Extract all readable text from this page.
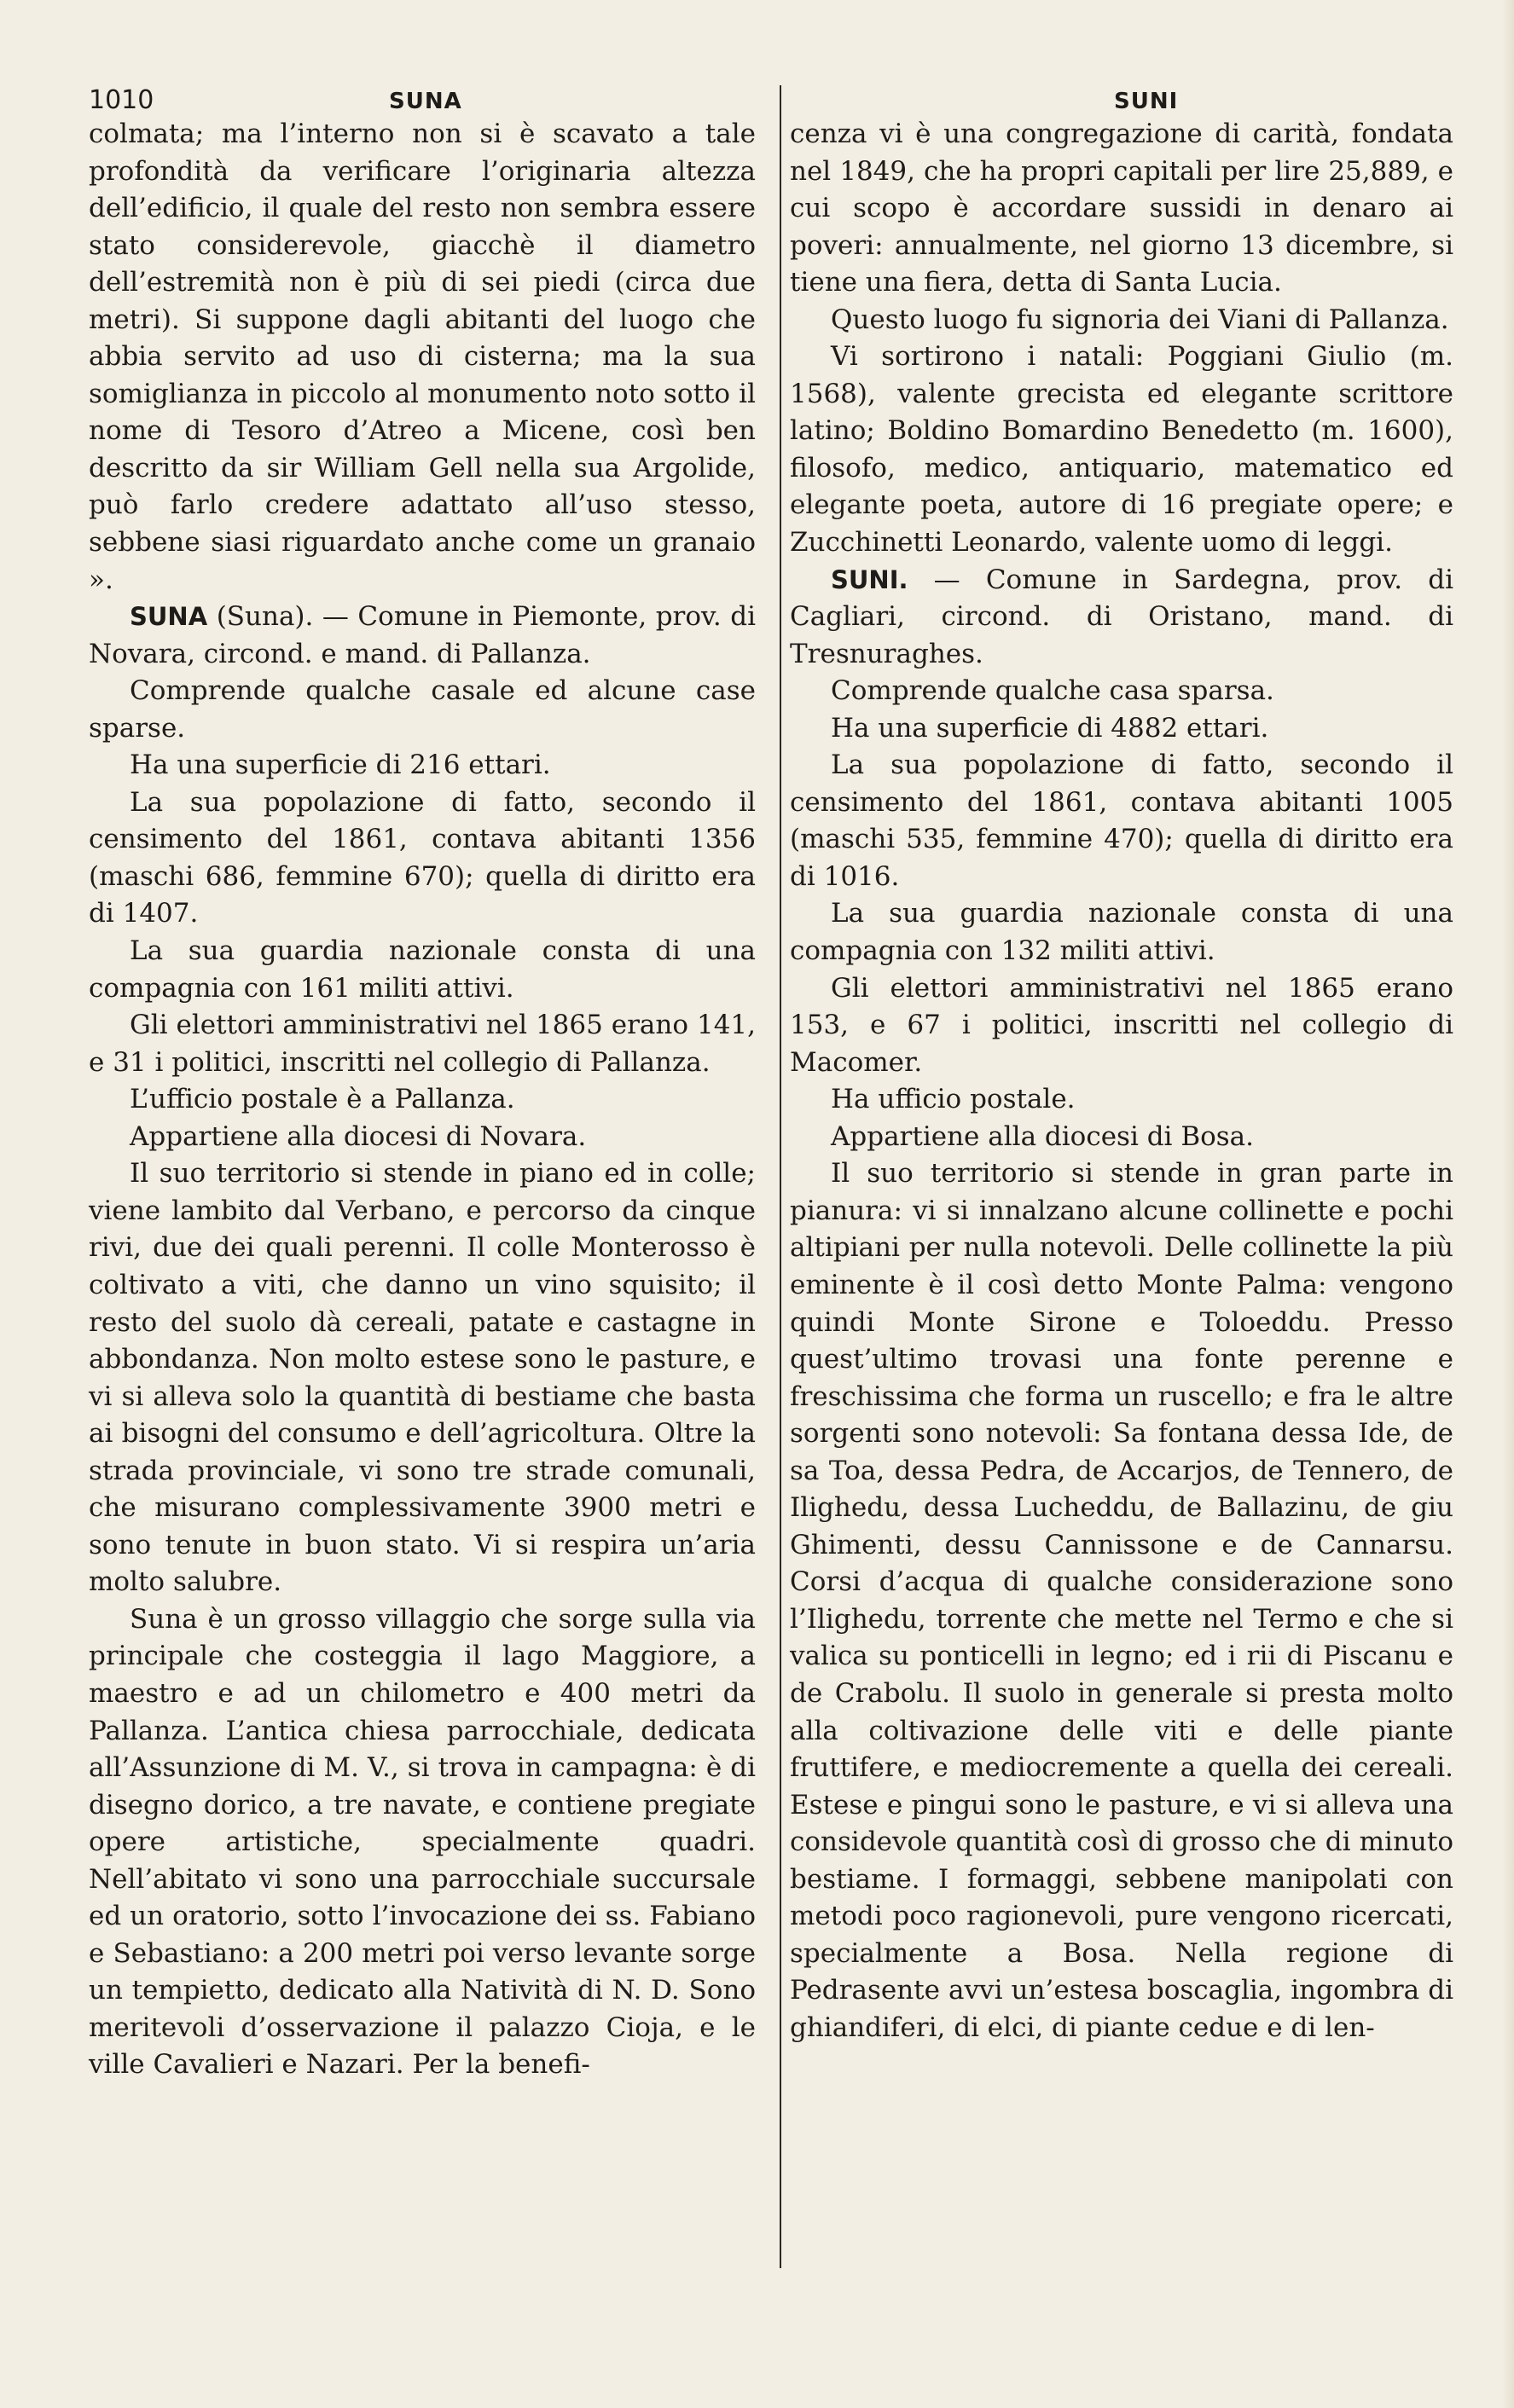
1010	SUNA	SUNI

colmata; ma l’interno non si è scavato a tale profondità da verificare l’originaria altezza dell’edificio, il quale del resto non sembra essere stato considerevole, giacchè il diametro dell’estremità non è più di sei piedi (circa due metri). Si suppone dagli abitanti del luogo che abbia servito ad uso di cisterna; ma la sua somiglianza in piccolo al monumento noto sotto il nome di Tesoro d’Atreo a Micene, così ben descritto da sir William Gell nella sua Argolide, può farlo credere adattato all’uso stesso, sebbene siasi riguardato anche come un granaio ».

SUNA (Suna). — Comune in Piemonte, prov. di Novara, circond. e mand. di Pallanza.

Comprende qualche casale ed alcune case sparse.

Ha una superficie di 216 ettari.

La sua popolazione di fatto, secondo il censimento del 1861, contava abitanti 1356 (maschi 686, femmine 670); quella di diritto era di 1407.

La sua guardia nazionale consta di una compagnia con 161 militi attivi.

Gli elettori amministrativi nel 1865 erano 141, e 31 i politici, inscritti nel collegio di Pallanza.

L’ufficio postale è a Pallanza.

Appartiene alla diocesi di Novara.

Il suo territorio si stende in piano ed in colle; viene lambito dal Verbano, e percorso da cinque rivi, due dei quali perenni. Il colle Monterosso è coltivato a viti, che danno un vino squisito; il resto del suolo dà cereali, patate e castagne in abbondanza. Non molto estese sono le pasture, e vi si alleva solo la quantità di bestiame che basta ai bisogni del consumo e dell’agricoltura. Oltre la strada provinciale, vi sono tre strade comunali, che misurano complessivamente 3900 metri e sono tenute in buon stato. Vi si respira un’aria molto salubre.

Suna è un grosso villaggio che sorge sulla via principale che costeggia il lago Maggiore, a maestro e ad un chilometro e 400 metri da Pallanza. L’antica chiesa parrocchiale, dedicata all’Assunzione di M. V., si trova in campagna: è di disegno dorico, a tre navate, e contiene pregiate opere artistiche, specialmente quadri. Nell’abitato vi sono una parrocchiale succursale ed un oratorio, sotto l’invocazione dei ss. Fabiano e Sebastiano: a 200 metri poi verso levante sorge un tempietto, dedicato alla Natività di N. D. Sono meritevoli d’osservazione il palazzo Cioja, e le ville Cavalieri e Nazari. Per la benefi-

cenza vi è una congregazione di carità, fondata nel 1849, che ha propri capitali per lire 25,889, e cui scopo è accordare sussidi in denaro ai poveri: annualmente, nel giorno 13 dicembre, si tiene una fiera, detta di Santa Lucia.

Questo luogo fu signoria dei Viani di Pallanza.

Vi sortirono i natali: Poggiani Giulio (m. 1568), valente grecista ed elegante scrittore latino; Boldino Bomardino Benedetto (m. 1600), filosofo, medico, antiquario, matematico ed elegante poeta, autore di 16 pregiate opere; e Zucchinetti Leonardo, valente uomo di leggi.

SUNI. — Comune in Sardegna, prov. di Cagliari, circond. di Oristano, mand. di Tresnuraghes.

Comprende qualche casa sparsa.

Ha una superficie di 4882 ettari.

La sua popolazione di fatto, secondo il censimento del 1861, contava abitanti 1005 (maschi 535, femmine 470); quella di diritto era di 1016.

La sua guardia nazionale consta di una compagnia con 132 militi attivi.

Gli elettori amministrativi nel 1865 erano 153, e 67 i politici, inscritti nel collegio di Macomer.

Ha ufficio postale.

Appartiene alla diocesi di Bosa.

Il suo territorio si stende in gran parte in pianura: vi si innalzano alcune collinette e pochi altipiani per nulla notevoli. Delle collinette la più eminente è il così detto Monte Palma: vengono quindi Monte Sirone e Toloeddu. Presso quest’ultimo trovasi una fonte perenne e freschissima che forma un ruscello; e fra le altre sorgenti sono notevoli: Sa fontana dessa Ide, de sa Toa, dessa Pedra, de Accarjos, de Tennero, de Ilighedu, dessa Lucheddu, de Ballazinu, de giu Ghimenti, dessu Cannissone e de Cannarsu. Corsi d’acqua di qualche considerazione sono l’Ilighedu, torrente che mette nel Termo e che si valica su ponticelli in legno; ed i rii di Piscanu e de Crabolu. Il suolo in generale si presta molto alla coltivazione delle viti e delle piante fruttifere, e mediocremente a quella dei cereali. Estese e pingui sono le pasture, e vi si alleva una considevole quantità così di grosso che di minuto bestiame. I formaggi, sebbene manipolati con metodi poco ragionevoli, pure vengono ricercati, specialmente a Bosa. Nella regione di Pedrasente avvi un’estesa boscaglia, ingombra di ghiandiferi, di elci, di piante cedue e di len-
